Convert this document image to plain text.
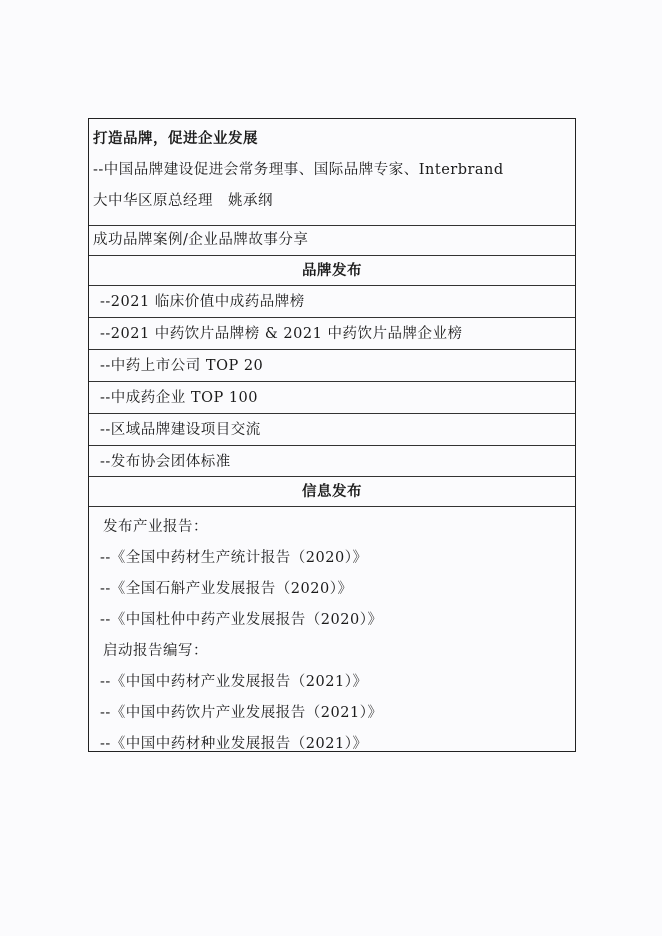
打造品牌，促进企业发展
--中国品牌建设促进会常务理事、国际品牌专家、Interbrand
大中华区原总经理　姚承纲
成功品牌案例/企业品牌故事分享
品牌发布
--2021 临床价值中成药品牌榜
--2021 中药饮片品牌榜 & 2021 中药饮片品牌企业榜
--中药上市公司 TOP 20
--中成药企业 TOP 100
--区域品牌建设项目交流
--发布协会团体标准
信息发布
发布产业报告：
--《全国中药材生产统计报告（2020）》
--《全国石斛产业发展报告（2020）》
--《中国杜仲中药产业发展报告（2020）》
启动报告编写：
--《中国中药材产业发展报告（2021）》
--《中国中药饮片产业发展报告（2021）》
--《中国中药材种业发展报告（2021）》
